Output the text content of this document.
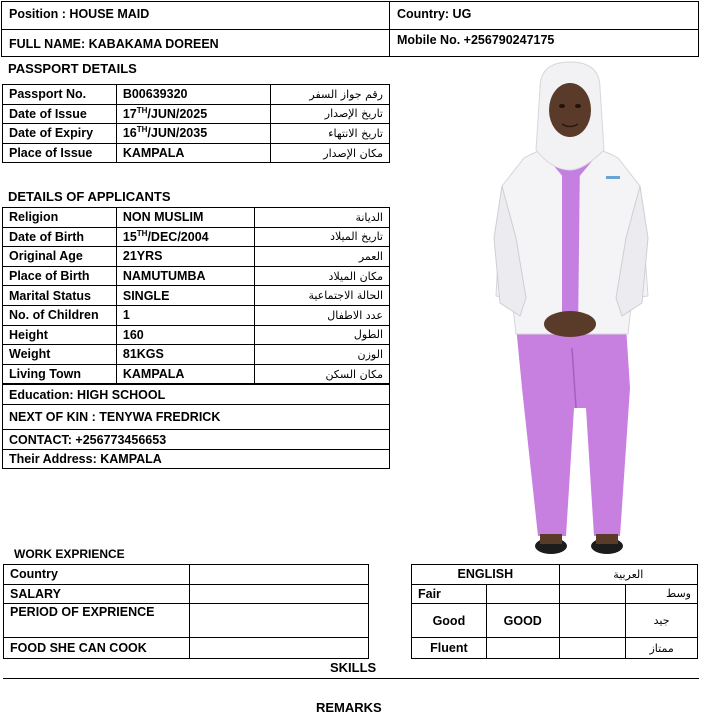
Position : HOUSE MAID	Country: UG
FULL NAME: KABAKAMA DOREEN	Mobile No. +256790247175
PASSPORT DETAILS
Passport No.	B00639320	رقم جواز السفر
Date of Issue	17TH/JUN/2025	تاريخ الإصدار
Date of Expiry	16TH/JUN/2035	تاريخ الانتهاء
Place of Issue	KAMPALA	مكان الإصدار
DETAILS OF APPLICANTS
Religion	NON MUSLIM	الديانة
Date of Birth	15TH/DEC/2004	تاريخ الميلاد
Original Age	21YRS	العمر
Place of Birth	NAMUTUMBA	مكان الميلاد
Marital Status	SINGLE	الحالة الاجتماعية
No. of Children	1	عدد الاطفال
Height	160	الطول
Weight	81KGS	الوزن
Living Town	KAMPALA	مكان السكن
Education: HIGH SCHOOL
NEXT OF KIN : TENYWA FREDRICK
CONTACT: +256773456653
Their Address: KAMPALA
WORK EXPRIENCE
Country	
SALARY	
PERIOD OF EXPRIENCE	
FOOD SHE CAN COOK	
ENGLISH		العربية	
Fair			وسط
Good	GOOD		جيد
Fluent			ممتاز
SKILLS
REMARKS
